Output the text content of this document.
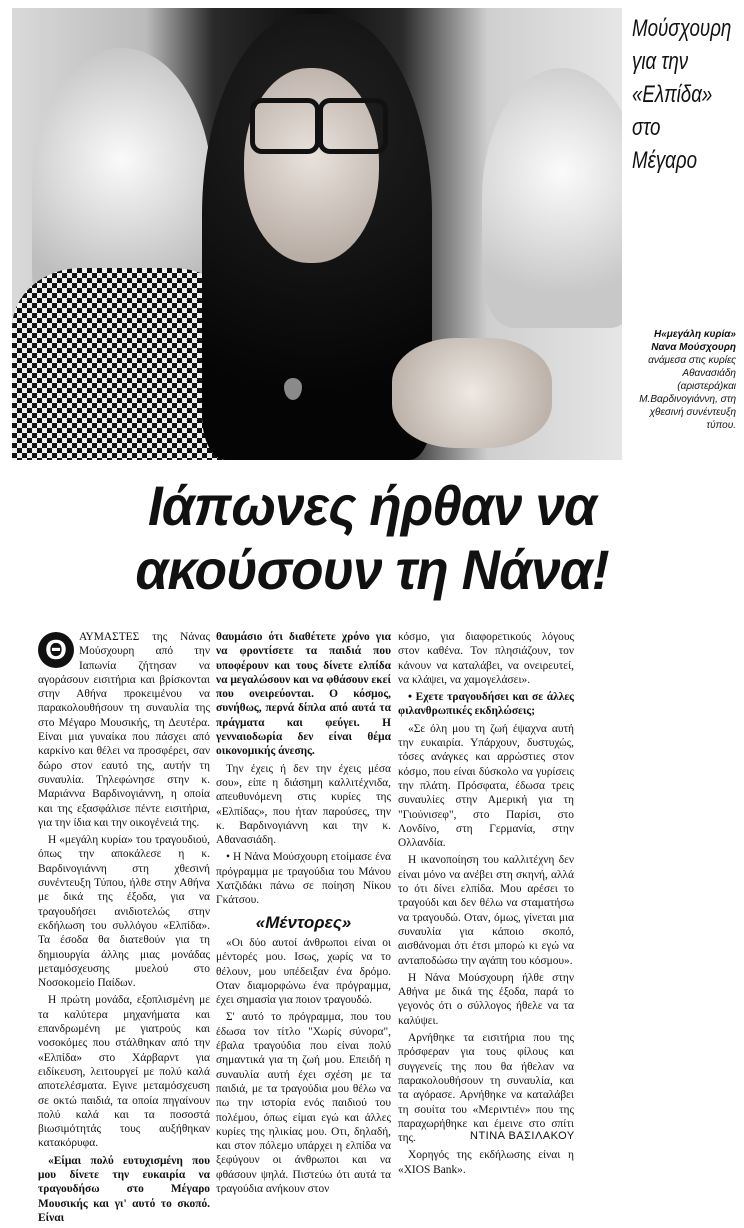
Μούσχουρη
για την
«Ελπίδα»
στο
Μέγαρο
Η«μεγάλη κυρία» Νανα Μούσχουρη ανάμεσα στις κυρίες Αθανασιάδη (αριστερά)και Μ.Βαρδινογιάννη, στη χθεσινή συνέντευξη τύπου.
Ιάπωνες ήρθαν να
ακούσουν τη Νάνα!
Θ	ΑΥΜΑΣΤΕΣ της Νάνας Μούσχουρη από την Ιαπωνία ζήτησαν να αγοράσουν εισιτήρια και βρίσκονται στην Αθήνα προκειμένου να παρακολουθήσουν τη συναυλία της στο Μέγαρο Μουσικής, τη Δευτέρα. Είναι μια γυναίκα που πάσχει από καρκίνο και θέλει να προσφέρει, σαν δώρο στον εαυτό της, αυτήν τη συναυλία. Τηλεφώνησε στην κ. Μαριάννα Βαρδινογιάννη, η οποία και της εξασφάλισε πέντε εισιτήρια, για την ίδια και την οικογένειά της.

Η «μεγάλη κυρία» του τραγουδιού, όπως την αποκάλεσε η κ. Βαρδινογιάννη στη χθεσινή συνέντευξη Τύπου, ήλθε στην Αθήνα με δικά της έξοδα, για να τραγουδήσει ανιδιοτελώς στην εκδήλωση του συλλόγου «Ελπίδα». Τα έσοδα θα διατεθούν για τη δημιουργία άλλης μιας μονάδας μεταμόσχευσης μυελού στο Νοσοκομείο Παίδων.

Η πρώτη μονάδα, εξοπλισμένη με τα καλύτερα μηχανήματα και επανδρωμένη με γιατρούς και νοσοκόμες που στάλθηκαν από την «Ελπίδα» στο Χάρβαρντ για ειδίκευση, λειτουργεί με πολύ καλά αποτελέσματα. Εγινε μεταμόσχευση σε οκτώ παιδιά, τα οποία πηγαίνουν πολύ καλά και τα ποσοστά βιωσιμότητάς τους αυξήθηκαν κατακόρυφα.

«Είμαι πολύ ευτυχισμένη που μου δίνετε την ευκαιρία να τραγουδήσω στο Μέγαρο Μουσικής και γι' αυτό το σκοπό. Είναι

θαυμάσιο ότι διαθέτετε χρόνο για να φροντίσετε τα παιδιά που υποφέρουν και τους δίνετε ελπίδα να μεγαλώσουν και να φθάσουν εκεί που ονειρεύονται. Ο κόσμος, συνήθως, περνά δίπλα από αυτά τα πράγματα και φεύγει. Η γενναιοδωρία δεν είναι θέμα οικονομικής άνεσης.

Την έχεις ή δεν την έχεις μέσα σου», είπε η διάσημη καλλιτέχνιδα, απευθυνόμενη στις κυρίες της «Ελπίδας», που ήταν παρούσες, την κ. Βαρδινογιάννη και την κ. Αθανασιάδη.

• Η Νάνα Μούσχουρη ετοίμασε ένα πρόγραμμα με τραγούδια του Μάνου Χατζιδάκι πάνω σε ποίηση Νίκου Γκάτσου.

«Μέντορες»

«Οι δύο αυτοί άνθρωποι είναι οι μέντορές μου. Ισως, χωρίς να το θέλουν, μου υπέδειξαν ένα δρόμο. Οταν διαμορφώνω ένα πρόγραμμα, έχει σημασία για ποιον τραγουδώ.

Σ' αυτό το πρόγραμμα, που του έδωσα τον τίτλο "Χωρίς σύνορα", έβαλα τραγούδια που είναι πολύ σημαντικά για τη ζωή μου. Επειδή η συναυλία αυτή έχει σχέση με τα παιδιά, με τα τραγούδια μου θέλω να πω την ιστορία ενός παιδιού του πολέμου, όπως είμαι εγώ και άλλες κυρίες της ηλικίας μου. Οτι, δηλαδή, και στον πόλεμο υπάρχει η ελπίδα να ξεφύγουν οι άνθρωποι και να φθάσουν ψηλά. Πιστεύω ότι αυτά τα τραγούδια ανήκουν στον

κόσμο, για διαφορετικούς λόγους στον καθένα. Τον πλησιάζουν, τον κάνουν να καταλάβει, να ονειρευτεί, να κλάψει, να χαμογελάσει».

• Εχετε τραγουδήσει και σε άλλες φιλανθρωπικές εκδηλώσεις;

«Σε όλη μου τη ζωή έψαχνα αυτή την ευκαιρία. Υπάρχουν, δυστυχώς, τόσες ανάγκες και αρρώστιες στον κόσμο, που είναι δύσκολο να γυρίσεις την πλάτη. Πρόσφατα, έδωσα τρεις συναυλίες στην Αμερική για τη "Γιούνισεφ", στο Παρίσι, στο Λονδίνο, στη Γερμανία, στην Ολλανδία.

Η ικανοποίηση του καλλιτέχνη δεν είναι μόνο να ανέβει στη σκηνή, αλλά το ότι δίνει ελπίδα. Μου αρέσει το τραγούδι και δεν θέλω να σταματήσω να τραγουδώ. Οταν, όμως, γίνεται μια συναυλία για κάποιο σκοπό, αισθάνομαι ότι έτσι μπορώ κι εγώ να ανταποδώσω την αγάπη του κόσμου».

Η Νάνα Μούσχουρη ήλθε στην Αθήνα με δικά της έξοδα, παρά το γεγονός ότι ο σύλλογος ήθελε να τα καλύψει.

Αρνήθηκε τα εισιτήρια που της πρόσφεραν για τους φίλους και συγγενείς της που θα ήθελαν να παρακολουθήσουν τη συναυλία, και τα αγόρασε. Αρνήθηκε να καταλάβει τη σουίτα του «Μεριντιέν» που της παραχωρήθηκε και έμεινε στο σπίτι της.

Χορηγός της εκδήλωσης είναι η «XIOS Bank».

ΝΤΙΝΑ ΒΑΣΙΛΑΚΟΥ
